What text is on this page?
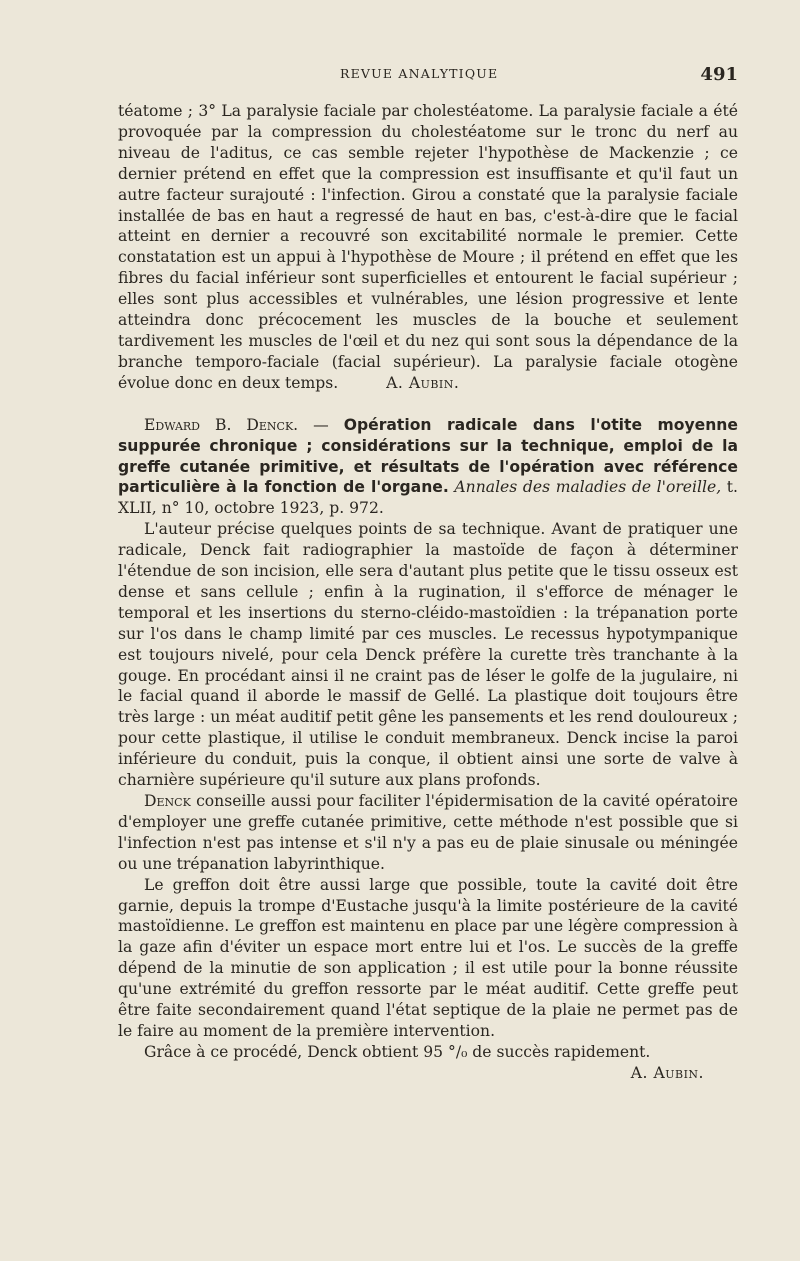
REVUE ANALYTIQUE	491

téatome ; 3° La paralysie faciale par cholestéatome. La paralysie faciale a été provoquée par la compression du cholestéatome sur le tronc du nerf au niveau de l'aditus, ce cas semble rejeter l'hypothèse de Mackenzie ; ce dernier prétend en effet que la compression est insuffisante et qu'il faut un autre facteur surajouté : l'infection. Girou a constaté que la paralysie faciale installée de bas en haut a regressé de haut en bas, c'est-à-dire que le facial atteint en dernier a recouvré son excitabilité normale le premier. Cette constatation est un appui à l'hypothèse de Moure ; il prétend en effet que les fibres du facial inférieur sont superficielles et entourent le facial supérieur ; elles sont plus accessibles et vulnérables, une lésion progressive et lente atteindra donc précocement les muscles de la bouche et seulement tardivement les muscles de l'œil et du nez qui sont sous la dépendance de la branche temporo-faciale (facial supérieur). La paralysie faciale otogène évolue donc en deux temps.	A. Aubin.

Edward B. Denck. — Opération radicale dans l'otite moyenne suppurée chronique ; considérations sur la technique, emploi de la greffe cutanée primitive, et résultats de l'opération avec référence particulière à la fonction de l'organe. Annales des maladies de l'oreille, t. XLII, n° 10, octobre 1923, p. 972.

L'auteur précise quelques points de sa technique. Avant de pratiquer une radicale, Denck fait radiographier la mastoïde de façon à déterminer l'étendue de son incision, elle sera d'autant plus petite que le tissu osseux est dense et sans cellule ; enfin à la rugination, il s'efforce de ménager le temporal et les insertions du sterno-cléido-mastoïdien : la trépanation porte sur l'os dans le champ limité par ces muscles. Le recessus hypotympanique est toujours nivelé, pour cela Denck préfère la curette très tranchante à la gouge. En procédant ainsi il ne craint pas de léser le golfe de la jugulaire, ni le facial quand il aborde le massif de Gellé. La plastique doit toujours être très large : un méat auditif petit gêne les pansements et les rend douloureux ; pour cette plastique, il utilise le conduit membraneux. Denck incise la paroi inférieure du conduit, puis la conque, il obtient ainsi une sorte de valve à charnière supérieure qu'il suture aux plans profonds.

Denck conseille aussi pour faciliter l'épidermisation de la cavité opératoire d'employer une greffe cutanée primitive, cette méthode n'est possible que si l'infection n'est pas intense et s'il n'y a pas eu de plaie sinusale ou méningée ou une trépanation labyrinthique.

Le greffon doit être aussi large que possible, toute la cavité doit être garnie, depuis la trompe d'Eustache jusqu'à la limite postérieure de la cavité mastoïdienne. Le greffon est maintenu en place par une légère compression à la gaze afin d'éviter un espace mort entre lui et l'os. Le succès de la greffe dépend de la minutie de son application ; il est utile pour la bonne réussite qu'une extrémité du greffon ressorte par le méat auditif. Cette greffe peut être faite secondairement quand l'état septique de la plaie ne permet pas de le faire au moment de la première intervention.

Grâce à ce procédé, Denck obtient 95 °/₀ de succès rapidement.

A. Aubin.
